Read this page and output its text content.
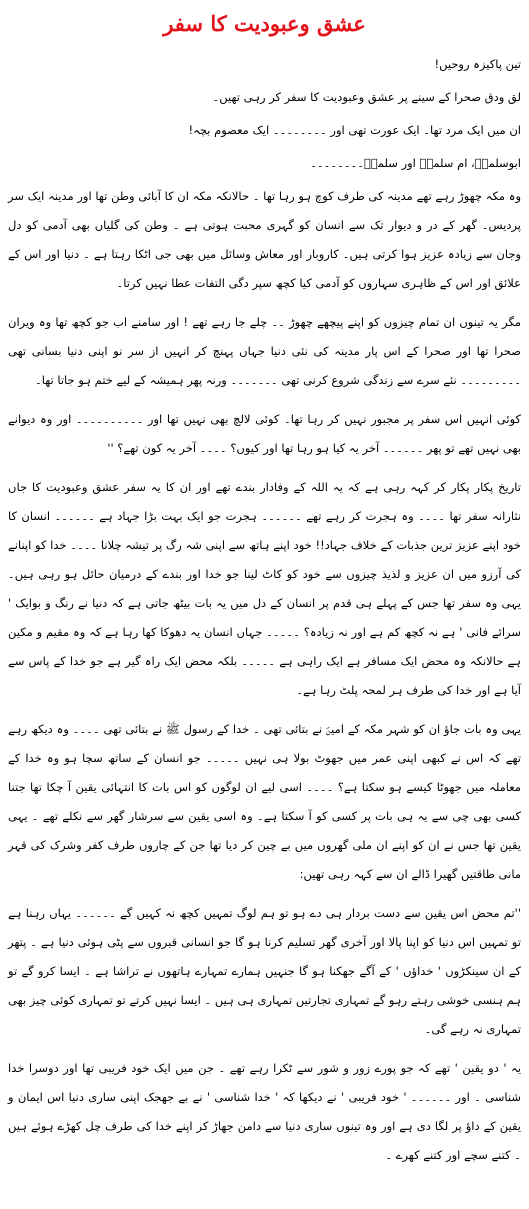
عشق وعبودیت کا سفر

تین پاکیزہ روحیں!

لق ودق صحرا کے سینے پر عشق وعبودیت کا سفر کر رہی تھیں۔

ان میں ایک مرد تھا۔ ایک عورت تھی اور ۔۔۔۔۔۔۔۔ ایک معصوم بچہ!

ابوسلمہؓ، ام سلمہؓ اور سلمہؓ۔۔۔۔۔۔۔۔

وہ مکہ چھوڑ رہے تھے مدینہ کی طرف کوچ ہو رہا تھا ۔ حالانکہ مکہ ان کا آبائی وطن تھا اور مدینہ ایک سر پردیس۔ گھر کے در و دیوار تک سے انسان کو گہری محبت ہوتی ہے ۔ وطن کی گلیاں بھی آدمی کو دل وجان سے زیادہ عزیز ہوا کرتی ہیں۔ کاروبار اور معاش وسائل میں بھی جی اٹکا رہتا ہے ۔ دنیا اور اس کے علائق اور اس کے ظاہری سہاروں کو آدمی کیا کچھ سپر دگی التفات عطا نہیں کرتا۔

مگر یہ تینوں ان تمام چیزوں کو اپنے پیچھے چھوڑ ۔۔ چلے جا رہے تھے ! اور سامنے اب جو کچھ تھا وہ ویران صحرا تھا اور صحرا کے اس پار مدینہ کی نئی دنیا جہاں پہنچ کر انہیں از سر نو اپنی دنیا بسانی تھی ۔۔۔۔۔۔۔۔۔ نئے سرے سے زندگی شروع کرنی تھی ۔۔۔۔۔۔۔ ورنہ پھر ہمیشہ کے لیے ختم ہو جاتا تھا۔

کوئی انہیں اس سفر پر مجبور نہیں کر رہا تھا۔ کوئی لالچ بھی نہیں تھا اور ۔۔۔۔۔۔۔۔۔۔ اور وہ دیوانے بھی نہیں تھے تو پھر ۔۔۔۔۔۔ آخر یہ کیا ہو رہا تھا اور کیوں؟ ۔۔۔۔ آخر یہ کون تھے؟ ''

تاریخ پکار پکار کر کہہ رہی ہے کہ یہ اللہ کے وفادار بندے تھے اور ان کا یہ سفر عشق وعبودیت کا جاں نثارانہ سفر تھا ۔۔۔۔ وہ ہجرت کر رہے تھے ۔۔۔۔۔۔ ہجرت جو ایک بہت بڑا جہاد ہے ۔۔۔۔۔۔ انسان کا خود اپنے عزیز ترین جذبات کے خلاف جہاد!! خود اپنے ہاتھ سے اپنی شہ رگ پر تیشہ چلانا ۔۔۔۔ خدا کو اپنانے کی آرزو میں ان عزیز و لذیذ چیزوں سے خود کو کاٹ لینا جو خدا اور بندے کے درمیان حائل ہو رہی ہیں۔ یہی وہ سفر تھا جس کے پہلے ہی قدم پر انسان کے دل میں یہ بات بیٹھ جاتی ہے کہ دنیا نے رنگ و بوایک ' سرائے فانی ' ہے نہ کچھ کم ہے اور نہ زیادہ؟ ۔۔۔۔۔ جہاں انسان یہ دھوکا کھا رہا ہے کہ وہ مقیم و مکین ہے حالانکہ وہ محض ایک مسافر ہے ایک راہی ہے ۔۔۔۔۔ بلکہ محض ایک راہ گیر ہے جو خدا کے پاس سے آیا ہے اور خدا کی طرف ہر لمحہ پلٹ رہا ہے۔

یہی وہ بات جاؤ ان کو شہر مکہ کے امینؐ نے بتائی تھی ۔ خدا کے رسول ﷺ نے بتائی تھی ۔۔۔۔ وہ دیکھ رہے تھے کہ اس نے کبھی اپنی عمر میں جھوٹ بولا ہی نہیں ۔۔۔۔۔ جو انسان کے ساتھ سچا ہو وہ خدا کے معاملہ میں جھوٹا کیسے ہو سکتا ہے؟ ۔۔۔۔ اسی لیے ان لوگوں کو اس بات کا انتہائی یقین آ چکا تھا جتنا کسی بھی چی سے یہ ہی بات پر کسی کو آ سکتا ہے۔ وہ اسی یقین سے سرشار گھر سے نکلے تھے ۔ یہی یقین تھا جس نے ان کو اپنے ان ملی گھروں میں بے چین کر دیا تھا جن کے چاروں طرف کفر وشرک کی قہر مانی طاقتیں گھیرا ڈالے ان سے کہہ رہی تھیں:

''تم محض اس یقین سے دست بردار ہی دے ہو تو ہم لوگ تمہیں کچھ نہ کہیں گے ۔۔۔۔۔۔ یہاں رہنا ہے تو تمہیں اس دنیا کو اپنا پالا اور آخری گھر تسلیم کرنا ہو گا جو انسانی قبروں سے پٹی ہوئی دنیا ہے ۔ پتھر کے ان سینکڑوں ' خداؤں ' کے آگے جھکنا ہو گا جنہیں ہمارے تمہارے ہاتھوں نے تراشا ہے ۔ ایسا کرو گے تو ہم ہنسی خوشی رہتے رہو گے تمہاری تجارتیں تمہاری ہی ہیں ۔ ایسا نہیں کرتے تو تمہاری کوئی چیز بھی تمہاری نہ رہے گی۔

یہ ' دو یقین ' تھے کہ جو پورے زور و شور سے ٹکرا رہے تھے ۔ جن میں ایک خود فریبی تھا اور دوسرا خدا شناسی ۔ اور ۔۔۔۔۔۔ ' خود فریبی ' نے دیکھا کہ ' خدا شناسی ' نے بے جھجک اپنی ساری دنیا اس ایمان و یقین کے داؤ پر لگا دی ہے اور وہ تینوں ساری دنیا سے دامن جھاڑ کر اپنے خدا کی طرف چل کھڑے ہوئے ہیں ۔ کتنے سچے اور کتنے کھرے ۔
